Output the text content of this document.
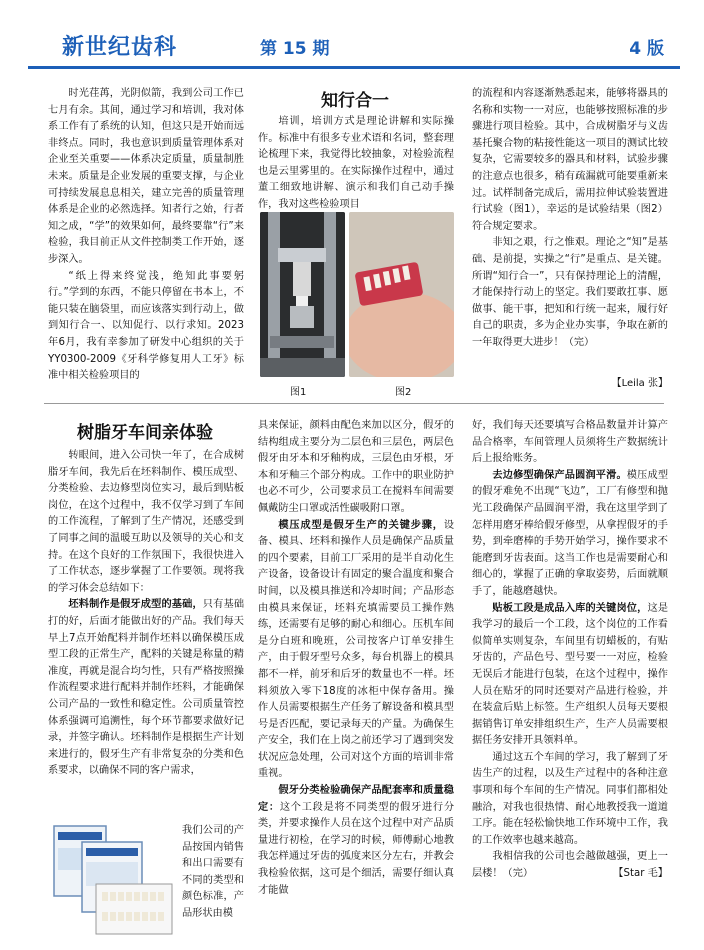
新世纪齿科	第 15 期	4 版

时光荏苒，光阴似箭，我到公司工作已七月有余。其间，通过学习和培训，我对体系工作有了系统的认知，但这只是开始而远非终点。同时，我也意识到质量管理体系对企业至关重要——体系决定质量，质量制胜未来。质量是企业发展的重要支撑，与企业可持续发展息息相关，建立完善的质量管理体系是企业的必然选择。知者行之始，行者知之成，“学”的效果如何，最终要靠“行”来检验，我目前正从文件控制类工作开始，逐步深入。

“纸上得来终觉浅，绝知此事要躬行。”学到的东西，不能只停留在书本上，不能只装在脑袋里，而应该落实到行动上，做到知行合一、以知促行、以行求知。2023年6月，我有幸参加了研发中心组织的关于YY0300-2009《牙科学修复用人工牙》标准中相关检验项目的

知行合一

培训，培训方式是理论讲解和实际操作。标准中有很多专业术语和名词，整套理论梳理下来，我觉得比较抽象，对检验流程也是云里雾里的。在实际操作过程中，通过董工细致地讲解、演示和我们自己动手操作，我对这些检验项目

图1	图2

的流程和内容逐渐熟悉起来，能够将器具的名称和实物一一对应，也能够按照标准的步骤进行项目检验。其中，合成树脂牙与义齿基托聚合物的粘接性能这一项目的测试比较复杂，它需要较多的器具和材料，试验步骤的注意点也很多，稍有疏漏就可能要重新来过。试样制备完成后，需用拉伸试验装置进行试验（图1），幸运的是试验结果（图2）符合规定要求。

非知之艰，行之惟艰。理论之“知”是基础、是前提，实操之“行”是重点、是关键。所谓“知行合一”，只有保持理论上的清醒，才能保持行动上的坚定。我们要敢扛事、愿做事、能干事，把知和行统一起来，履行好自己的职责，多为企业办实事，争取在新的一年取得更大进步！（完）

【Leila 张】
树脂牙车间亲体验

转眼间，进入公司快一年了，在合成树脂牙车间，我先后在坯料制作、模压成型、分类检验、去边修型岗位实习，最后到贴板岗位，在这个过程中，我不仅学习到了车间的工作流程，了解到了生产情况，还感受到了同事之间的温暖互助以及领导的关心和支持。在这个良好的工作氛围下，我很快进入了工作状态，逐步掌握了工作要领。现将我的学习体会总结如下：

坯料制作是假牙成型的基础，只有基础打的好，后面才能做出好的产品。我们每天早上7点开始配料并制作坯料以确保模压成型工段的正常生产，配料的关键是称量的精准度，再就是混合均匀性，只有严格按照操作流程要求进行配料并制作坯料，才能确保公司产品的一致性和稳定性。公司质量管控体系强调可追溯性，每个环节都要求做好记录，并签字确认。坯料制作是根据生产计划来进行的，假牙生产有非常复杂的分类和色系要求，以确保不同的客户需求，

我们公司的产品按国内销售和出口需要有不同的类型和颜色标准，产品形状由模

具来保证，颜料由配色来加以区分，假牙的结构组成主要分为二层色和三层色，两层色假牙由牙本和牙釉构成，三层色由牙根，牙本和牙釉三个部分构成。工作中的职业防护也必不可少，公司要求员工在搅料车间需要佩戴防尘口罩或活性碳吸附口罩。

模压成型是假牙生产的关键步骤，设备、模具、坯料和操作人员是确保产品质量的四个要素，目前工厂采用的是半自动化生产设备，设备设计有固定的聚合温度和聚合时间，以及模具推送和冷却时间；产品形态由模具来保证，坯料充填需要员工操作熟练，还需要有足够的耐心和细心。压机车间是分白班和晚班，公司按客户订单安排生产，由于假牙型号众多，每台机器上的模具都不一样，前牙和后牙的数量也不一样。坯料须放入零下18度的冰柜中保存备用。操作人员需要根据生产任务了解设备和模具型号是否匹配，要记录每天的产量。为确保生产安全，我们在上岗之前还学习了遇到突发状况应急处理，公司对这个方面的培训非常重视。

假牙分类检验确保产品配套率和质量稳定：这个工段是将不同类型的假牙进行分类，并要求操作人员在这个过程中对产品质量进行初检，在学习的时候，师傅耐心地教我怎样通过牙齿的弧度来区分左右，并教会我检验依据，这可是个细活，需要仔细认真才能做

好，我们每天还要填写合格品数量并计算产品合格率，车间管理人员须将生产数据统计后上报给账务。

去边修型确保产品圆润平滑。模压成型的假牙难免不出现“飞边”，工厂有修型和抛光工段确保产品圆润平滑，我在这里学到了怎样用磨牙棒给假牙修型，从拿捏假牙的手势，到牵磨棒的手势开始学习，操作要求不能磨到牙齿表面。这当工作也是需要耐心和细心的，掌握了正确的拿取姿势，后面就顺手了，能越磨越快。

贴板工段是成品入库的关键岗位，这是我学习的最后一个工段，这个岗位的工作看似简单实则复杂，车间里有切蜡板的，有贴牙齿的，产品色号、型号要一一对应，检验无误后才能进行包装，在这个过程中，操作人员在贴牙的同时还要对产品进行检验，并在装盒后贴上标签。生产组织人员每天要根据销售订单安排组织生产，生产人员需要根据任务安排开具领料单。

通过这五个车间的学习，我了解到了牙齿生产的过程，以及生产过程中的各种注意事项和每个车间的生产情况。同事们都相处融洽，对我也很热情、耐心地教授我一道道工序。能在轻松愉快地工作环境中工作，我的工作效率也越来越高。

我相信我的公司也会越做越强，更上一层楼！（完）	【Star 毛】
